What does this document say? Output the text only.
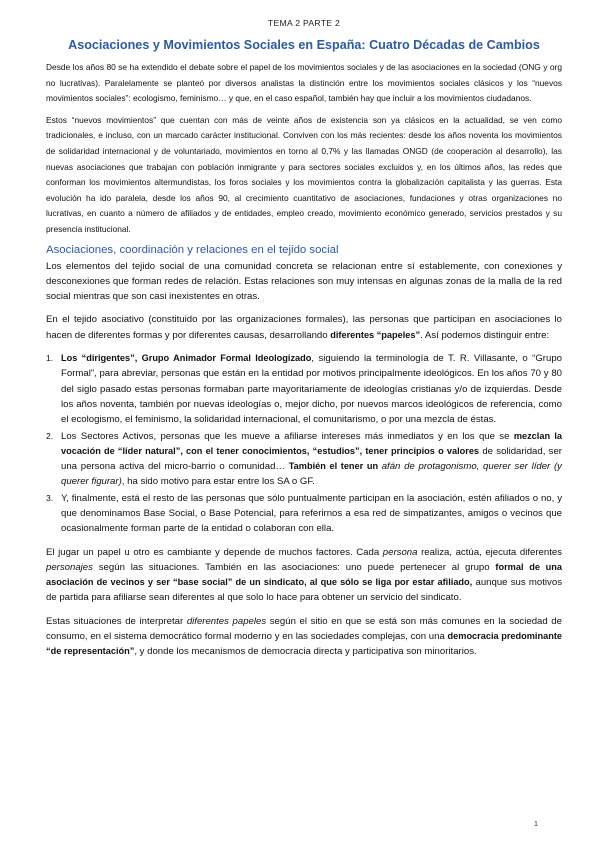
TEMA 2 PARTE 2
Asociaciones y Movimientos Sociales en España: Cuatro Décadas de Cambios

Desde los años 80 se ha extendido el debate sobre el papel de los movimientos sociales y de las asociaciones en la sociedad (ONG y org no lucrativas). Paralelamente se planteó por diversos analistas la distinción entre los movimientos sociales clásicos y los “nuevos movimientos sociales”: ecologismo, feminismo… y que, en el caso español, también hay que incluir a los movimientos ciudadanos.

Estos “nuevos movimientos” que cuentan con más de veinte años de existencia son ya clásicos en la actualidad, se ven como tradicionales, e incluso, con un marcado carácter institucional. Conviven con los más recientes: desde los años noventa los movimientos de solidaridad internacional y de voluntariado, movimientos en torno al 0,7% y las llamadas ONGD (de cooperación al desarrollo), las nuevas asociaciones que trabajan con población inmigrante y para sectores sociales excluidos y, en los últimos años, las redes que conforman los movimientos altermundistas, los foros sociales y los movimientos contra la globalización capitalista y las guerras. Esta evolución ha ido paralela, desde los años 90, al crecimiento cuantitativo de asociaciones, fundaciones y otras organizaciones no lucrativas, en cuanto a número de afiliados y de entidades, empleo creado, movimiento económico generado, servicios prestados y su presencia institucional.

Asociaciones, coordinación y relaciones en el tejido social

Los elementos del tejido social de una comunidad concreta se relacionan entre sí establemente, con conexiones y desconexiones que forman redes de relación. Estas relaciones son muy intensas en algunas zonas de la malla de la red social mientras que son casi inexistentes en otras.

En el tejido asociativo (constituido por las organizaciones formales), las personas que participan en asociaciones lo hacen de diferentes formas y por diferentes causas, desarrollando diferentes “papeles”. Así podemos distinguir entre:

1. Los “dirigentes”, Grupo Animador Formal Ideologizado, siguiendo la terminología de T. R. Villasante, o “Grupo Formal”, para abreviar, personas que están en la entidad por motivos principalmente ideológicos. En los años 70 y 80 del siglo pasado estas personas formaban parte mayoritariamente de ideologías cristianas y/o de izquierdas. Desde los años noventa, también por nuevas ideologías o, mejor dicho, por nuevos marcos ideológicos de referencia, como el ecologismo, el feminismo, la solidaridad internacional, el comunitarismo, o por una mezcla de éstas.
2. Los Sectores Activos, personas que les mueve a afiliarse intereses más inmediatos y en los que se mezclan la vocación de “líder natural”, con el tener conocimientos, “estudios”, tener principios o valores de solidaridad, ser una persona activa del micro-barrio o comunidad… También el tener un afán de protagonismo, querer ser líder (y querer figurar), ha sido motivo para estar entre los SA o GF.
3. Y, finalmente, está el resto de las personas que sólo puntualmente participan en la asociación, estén afiliados o no, y que denominamos Base Social, o Base Potencial, para referirnos a esa red de simpatizantes, amigos o vecinos que ocasionalmente forman parte de la entidad o colaboran con ella.

El jugar un papel u otro es cambiante y depende de muchos factores. Cada persona realiza, actúa, ejecuta diferentes personajes según las situaciones. También en las asociaciones: uno puede pertenecer al grupo formal de una asociación de vecinos y ser “base social” de un sindicato, al que sólo se liga por estar afiliado, aunque sus motivos de partida para afiliarse sean diferentes al que solo lo hace para obtener un servicio del sindicato.

Estas situaciones de interpretar diferentes papeles según el sitio en que se está son más comunes en la sociedad de consumo, en el sistema democrático formal moderno y en las sociedades complejas, con una democracia predominante “de representación”, y donde los mecanismos de democracia directa y participativa son minoritarios.

1
